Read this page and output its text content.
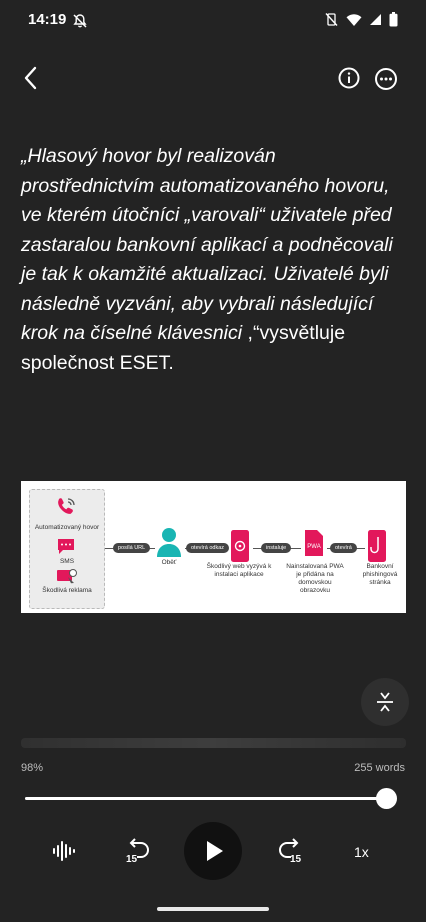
14:19
„Hlasový hovor byl realizován prostřednictvím automatizovaného hovoru, ve kterém útočníci „varovali“ uživatele před zastaralou bankovní aplikací a podněcovali je tak k okamžité aktualizaci. Uživatelé byli následně vyzváni, aby vybrali následující krok na číselné klávesnici ,“vysvětluje společnost ESET.
Automatizovaný hovor
SMS
Škodlivá reklama
posílá URL
Oběť
otevírá odkaz
Škodlivý web vyzývá k instalaci aplikace
instaluje	PWA
Nainstalovaná PWA je přidána na domovskou obrazovku
otevírá
Bankovní phishingová stránka
98%	255 words
15	15	1x
